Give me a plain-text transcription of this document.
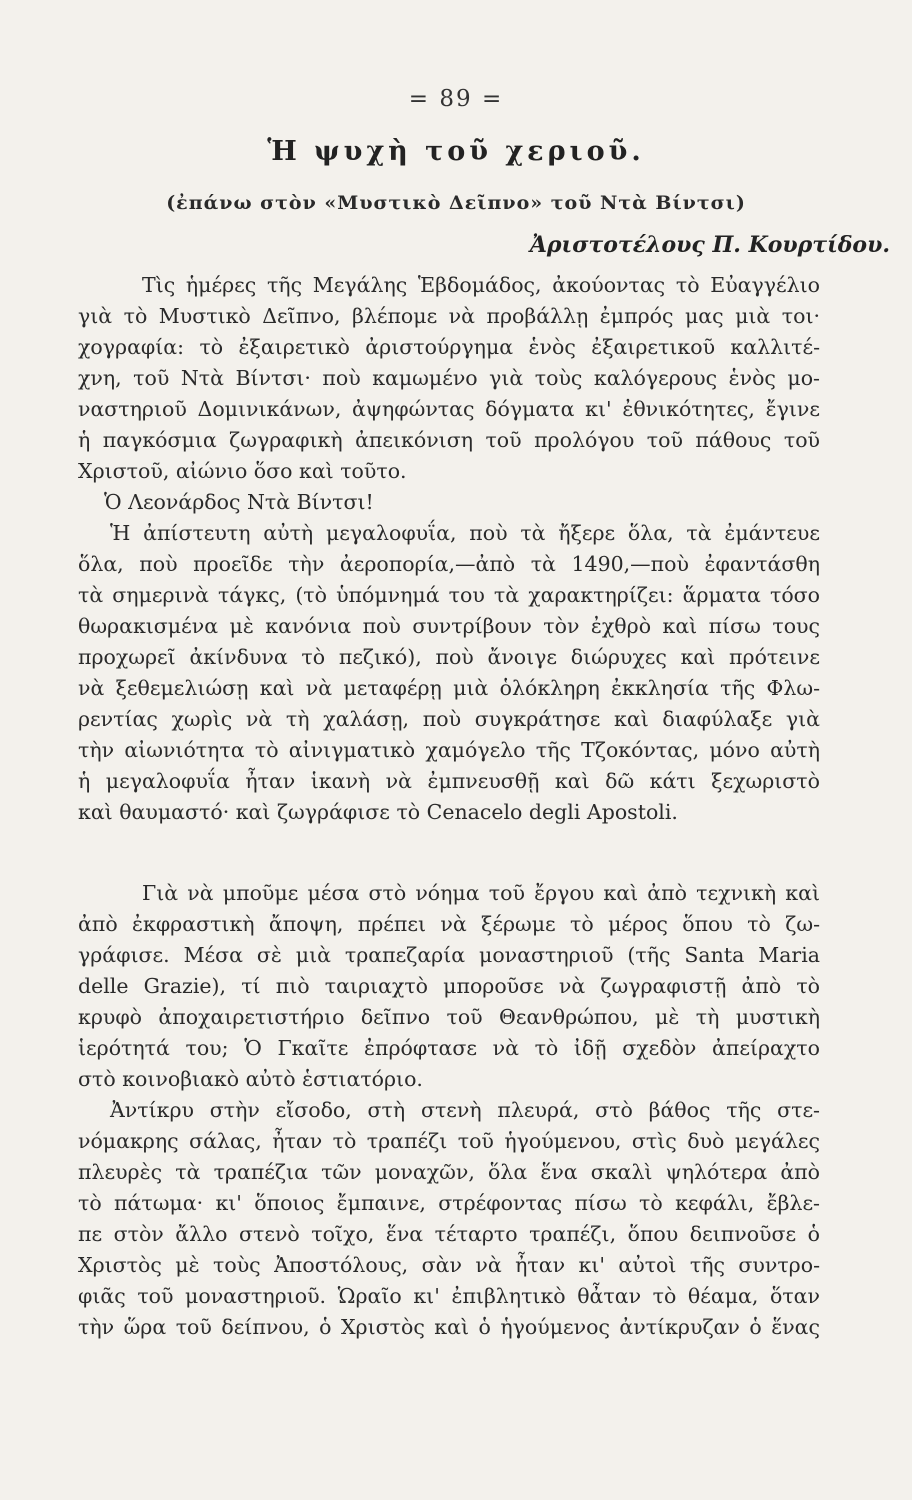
= 89 =
Ἡ ψυχὴ τοῦ χεριοῦ.
(ἐπάνω στὸν «Μυστικὸ Δεῖπνο» τοῦ Ντὰ Βίντσι)
Ἀριστοτέλους Π. Κουρτίδου.
Τὶς ἡμέρες τῆς Μεγάλης Ἑβδομάδος, ἀκούοντας τὸ Εὐαγγέλιο
γιὰ τὸ Μυστικὸ Δεῖπνο, βλέπομε νὰ προβάλλῃ ἐμπρός μας μιὰ τοι·
χογραφία: τὸ ἐξαιρετικὸ ἀριστούργημα ἑνὸς ἐξαιρετικοῦ καλλιτέ-
χνη, τοῦ Ντὰ Βίντσι· ποὺ καμωμένο γιὰ τοὺς καλόγερους ἑνὸς μο-
ναστηριοῦ Δομινικάνων, ἀψηφώντας δόγματα κι' ἐθνικότητες, ἔγινε
ἡ παγκόσμια ζωγραφικὴ ἀπεικόνιση τοῦ προλόγου τοῦ πάθους τοῦ
Χριστοῦ, αἰώνιο ὅσο καὶ τοῦτο.
Ὁ Λεονάρδος Ντὰ Βίντσι!
Ἡ ἀπίστευτη αὐτὴ μεγαλοφυΐα, ποὺ τὰ ἤξερε ὅλα, τὰ ἐμάντευε
ὅλα, ποὺ προεῖδε τὴν ἀεροπορία,—ἀπὸ τὰ 1490,—ποὺ ἐφαντάσθη
τὰ σημερινὰ τάγκς, (τὸ ὑπόμνημά του τὰ χαρακτηρίζει: ἅρματα τόσο
θωρακισμένα μὲ κανόνια ποὺ συντρίβουν τὸν ἐχθρὸ καὶ πίσω τους
προχωρεῖ ἀκίνδυνα τὸ πεζικό), ποὺ ἄνοιγε διώρυχες καὶ πρότεινε
νὰ ξεθεμελιώσῃ καὶ νὰ μεταφέρῃ μιὰ ὁλόκληρη ἐκκλησία τῆς Φλω-
ρεντίας χωρὶς νὰ τὴ χαλάσῃ, ποὺ συγκράτησε καὶ διαφύλαξε γιὰ
τὴν αἰωνιότητα τὸ αἰνιγματικὸ χαμόγελο τῆς Τζοκόντας, μόνο αὐτὴ
ἡ μεγαλοφυΐα ἦταν ἱκανὴ νὰ ἐμπνευσθῇ καὶ δῶ κάτι ξεχωριστὸ
καὶ θαυμαστό· καὶ ζωγράφισε τὸ Cenacelo degli Apostoli.
Γιὰ νὰ μποῦμε μέσα στὸ νόημα τοῦ ἔργου καὶ ἀπὸ τεχνικὴ καὶ
ἀπὸ ἐκφραστικὴ ἄποψη, πρέπει νὰ ξέρωμε τὸ μέρος ὅπου τὸ ζω-
γράφισε. Μέσα σὲ μιὰ τραπεζαρία μοναστηριοῦ (τῆς Santa Maria
delle Grazie), τί πιὸ ταιριαχτὸ μποροῦσε νὰ ζωγραφιστῇ ἀπὸ τὸ
κρυφὸ ἀποχαιρετιστήριο δεῖπνο τοῦ Θεανθρώπου, μὲ τὴ μυστικὴ
ἱερότητά του; Ὁ Γκαῖτε ἐπρόφτασε νὰ τὸ ἰδῇ σχεδὸν ἀπείραχτο
στὸ κοινοβιακὸ αὐτὸ ἑστιατόριο.
Ἀντίκρυ στὴν εἴσοδο, στὴ στενὴ πλευρά, στὸ βάθος τῆς στε-
νόμακρης σάλας, ἦταν τὸ τραπέζι τοῦ ἡγούμενου, στὶς δυὸ μεγάλες
πλευρὲς τὰ τραπέζια τῶν μοναχῶν, ὅλα ἕνα σκαλὶ ψηλότερα ἀπὸ
τὸ πάτωμα· κι' ὅποιος ἔμπαινε, στρέφοντας πίσω τὸ κεφάλι, ἔβλε-
πε στὸν ἄλλο στενὸ τοῖχο, ἕνα τέταρτο τραπέζι, ὅπου δειπνοῦσε ὁ
Χριστὸς μὲ τοὺς Ἀποστόλους, σὰν νὰ ἦταν κι' αὐτοὶ τῆς συντρο-
φιᾶς τοῦ μοναστηριοῦ. Ὡραῖο κι' ἐπιβλητικὸ θἆταν τὸ θέαμα, ὅταν
τὴν ὥρα τοῦ δείπνου, ὁ Χριστὸς καὶ ὁ ἡγούμενος ἀντίκρυζαν ὁ ἕνας
